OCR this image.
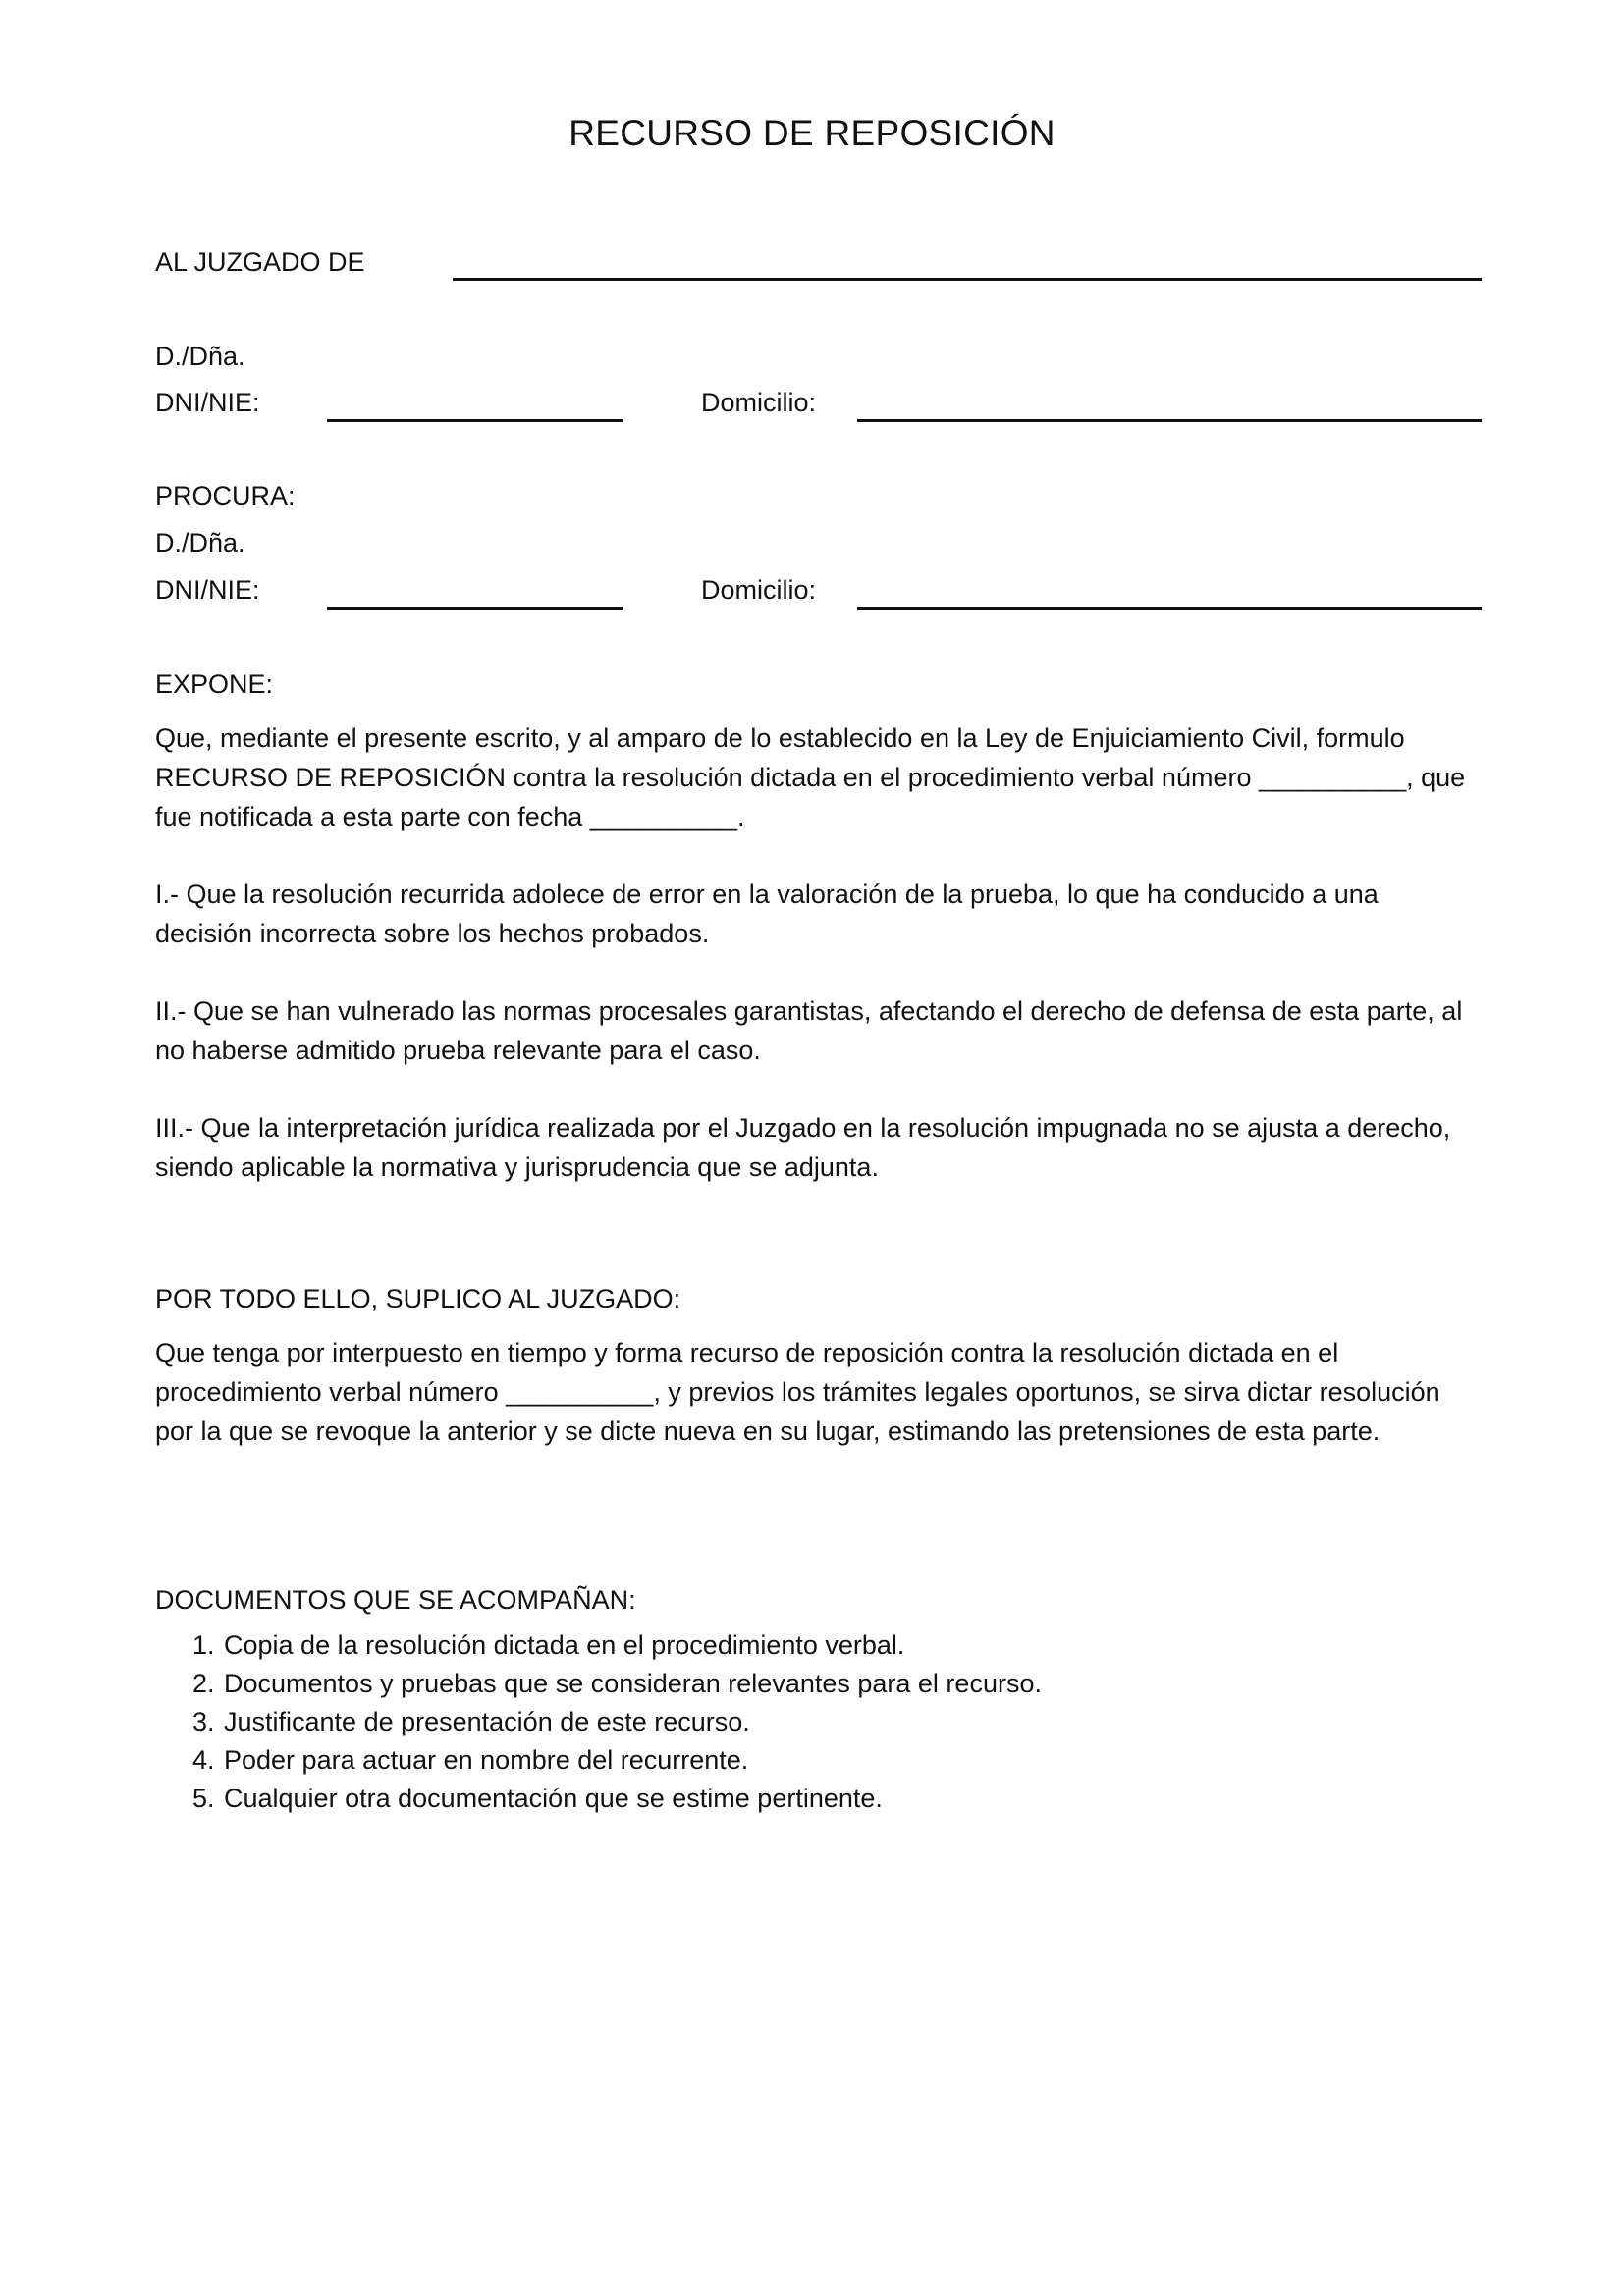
RECURSO DE REPOSICIÓN
AL JUZGADO DE
D./Dña.
DNI/NIE:	Domicilio:
PROCURA:
D./Dña.
DNI/NIE:	Domicilio:
EXPONE:

Que, mediante el presente escrito, y al amparo de lo establecido en la Ley de Enjuiciamiento Civil, formulo RECURSO DE REPOSICIÓN contra la resolución dictada en el procedimiento verbal número __________, que fue notificada a esta parte con fecha __________.

I.- Que la resolución recurrida adolece de error en la valoración de la prueba, lo que ha conducido a una decisión incorrecta sobre los hechos probados.

II.- Que se han vulnerado las normas procesales garantistas, afectando el derecho de defensa de esta parte, al no haberse admitido prueba relevante para el caso.

III.- Que la interpretación jurídica realizada por el Juzgado en la resolución impugnada no se ajusta a derecho, siendo aplicable la normativa y jurisprudencia que se adjunta.

POR TODO ELLO, SUPLICO AL JUZGADO:

Que tenga por interpuesto en tiempo y forma recurso de reposición contra la resolución dictada en el procedimiento verbal número __________, y previos los trámites legales oportunos, se sirva dictar resolución por la que se revoque la anterior y se dicte nueva en su lugar, estimando las pretensiones de esta parte.

DOCUMENTOS QUE SE ACOMPAÑAN:
1. Copia de la resolución dictada en el procedimiento verbal.
2. Documentos y pruebas que se consideran relevantes para el recurso.
3. Justificante de presentación de este recurso.
4. Poder para actuar en nombre del recurrente.
5. Cualquier otra documentación que se estime pertinente.
